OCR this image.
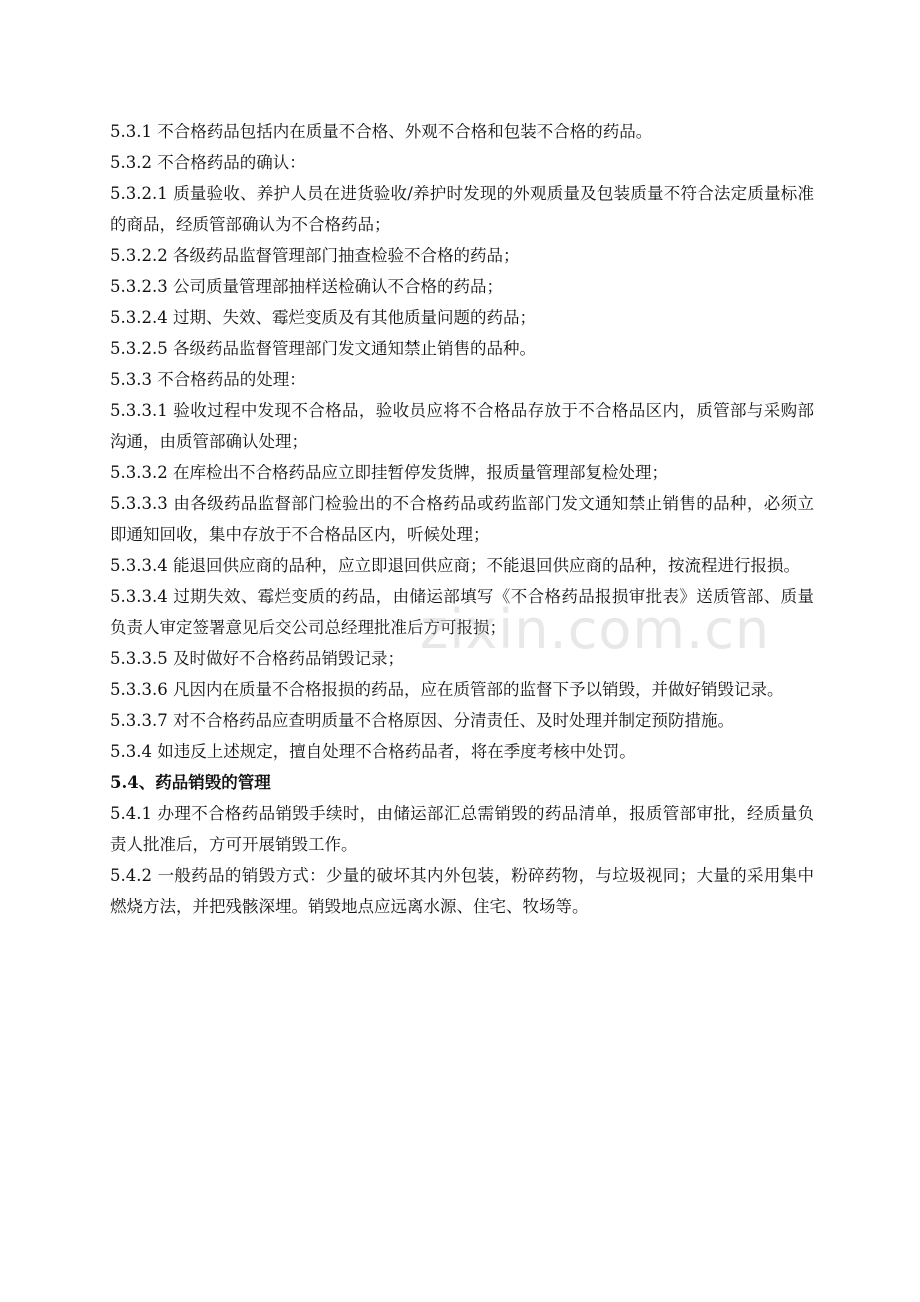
5.3.1 不合格药品包括内在质量不合格、外观不合格和包装不合格的药品。

5.3.2 不合格药品的确认：

5.3.2.1 质量验收、养护人员在进货验收/养护时发现的外观质量及包装质量不符合法定质量标准的商品，经质管部确认为不合格药品；

5.3.2.2 各级药品监督管理部门抽查检验不合格的药品；

5.3.2.3 公司质量管理部抽样送检确认不合格的药品；

5.3.2.4 过期、失效、霉烂变质及有其他质量问题的药品；

5.3.2.5 各级药品监督管理部门发文通知禁止销售的品种。

5.3.3 不合格药品的处理：

5.3.3.1 验收过程中发现不合格品，验收员应将不合格品存放于不合格品区内，质管部与采购部沟通，由质管部确认处理；

5.3.3.2 在库检出不合格药品应立即挂暂停发货牌，报质量管理部复检处理；

5.3.3.3 由各级药品监督部门检验出的不合格药品或药监部门发文通知禁止销售的品种，必须立即通知回收，集中存放于不合格品区内，听候处理；

5.3.3.4 能退回供应商的品种，应立即退回供应商；不能退回供应商的品种，按流程进行报损。

5.3.3.4 过期失效、霉烂变质的药品，由储运部填写《不合格药品报损审批表》送质管部、质量负责人审定签署意见后交公司总经理批准后方可报损；

5.3.3.5 及时做好不合格药品销毁记录；

5.3.3.6 凡因内在质量不合格报损的药品，应在质管部的监督下予以销毁，并做好销毁记录。

5.3.3.7 对不合格药品应查明质量不合格原因、分清责任、及时处理并制定预防措施。

5.3.4 如违反上述规定，擅自处理不合格药品者，将在季度考核中处罚。

5.4、药品销毁的管理

5.4.1 办理不合格药品销毁手续时，由储运部汇总需销毁的药品清单，报质管部审批，经质量负责人批准后，方可开展销毁工作。

5.4.2 一般药品的销毁方式：少量的破坏其内外包装，粉碎药物，与垃圾视同；大量的采用集中燃烧方法，并把残骸深埋。销毁地点应远离水源、住宅、牧场等。

zixin.com.cn
